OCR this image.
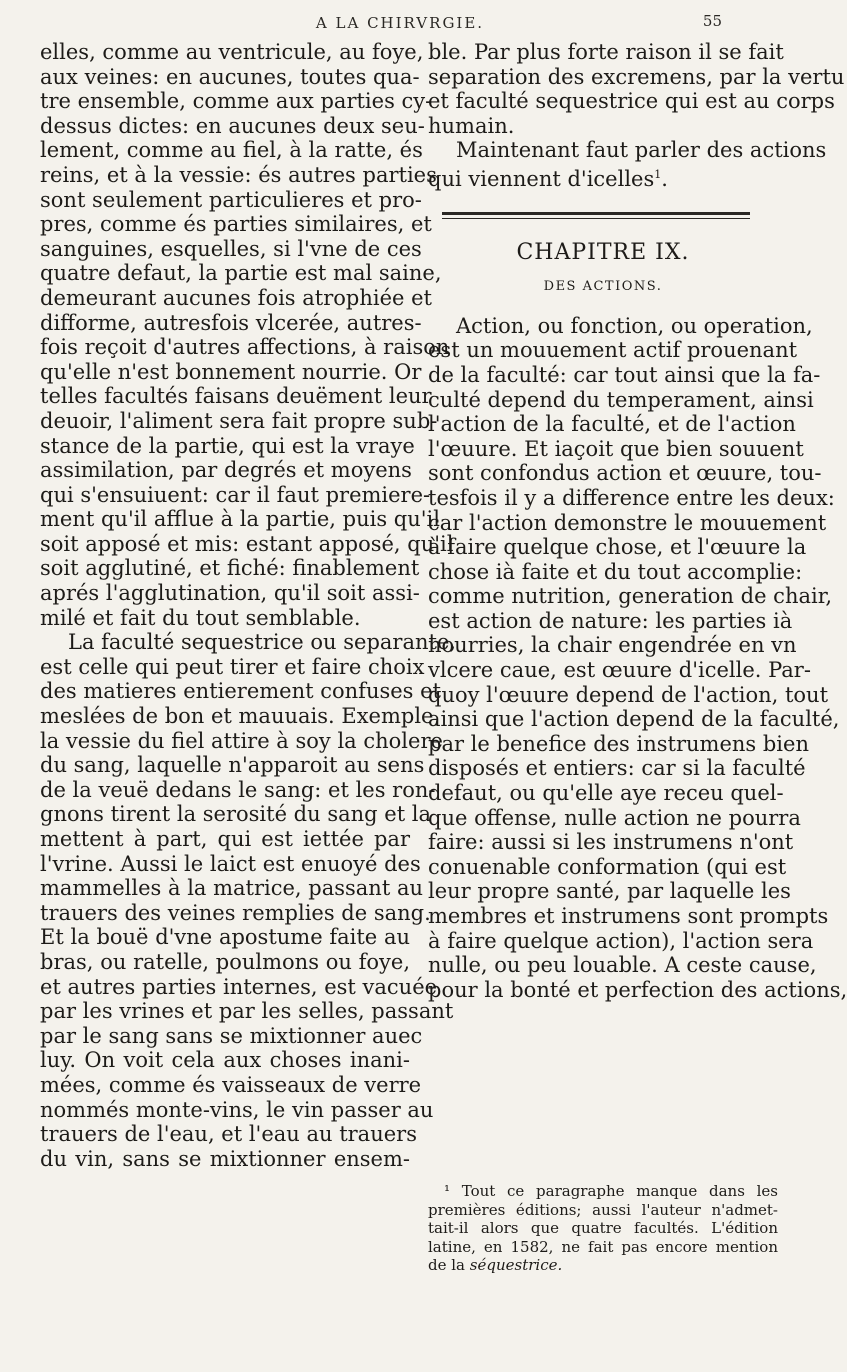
A LA CHIRVRGIE.	55

elles, comme au ventricule, au foye,

aux veines: en aucunes, toutes qua-

tre ensemble, comme aux parties cy-

dessus dictes: en aucunes deux seu-

lement, comme au fiel, à la ratte, és

reins, et à la vessie: és autres parties

sont seulement particulieres et pro-

pres, comme és parties similaires, et

sanguines, esquelles, si l'vne de ces

quatre defaut, la partie est mal saine,

demeurant aucunes fois atrophiée et

difforme, autresfois vlcerée, autres-

fois reçoit d'autres affections, à raison

qu'elle n'est bonnement nourrie. Or

telles facultés faisans deuëment leur

deuoir, l'aliment sera fait propre sub-

stance de la partie, qui est la vraye

assimilation, par degrés et moyens

qui s'ensuiuent: car il faut premiere-

ment qu'il afflue à la partie, puis qu'il

soit apposé et mis: estant apposé, qu'il

soit agglutiné, et fiché: finablement

aprés l'agglutination, qu'il soit assi-

milé et fait du tout semblable.

La faculté sequestrice ou separante,

est celle qui peut tirer et faire choix

des matieres entierement confuses et

meslées de bon et mauuais. Exemple,

la vessie du fiel attire à soy la cholere

du sang, laquelle n'apparoit au sens

de la veuë dedans le sang: et les ron-

gnons tirent la serosité du sang et la

mettent à part, qui est iettée par

l'vrine. Aussi le laict est enuoyé des

mammelles à la matrice, passant au

trauers des veines remplies de sang.

Et la bouë d'vne apostume faite au

bras, ou ratelle, poulmons ou foye,

et autres parties internes, est vacuée

par les vrines et par les selles, passant

par le sang sans se mixtionner auec

luy. On voit cela aux choses inani-

mées, comme és vaisseaux de verre

nommés monte-vins, le vin passer au

trauers de l'eau, et l'eau au trauers

du vin, sans se mixtionner ensem-

ble. Par plus forte raison il se fait

separation des excremens, par la vertu

et faculté sequestrice qui est au corps

humain.

Maintenant faut parler des actions

qui viennent d'icelles$^1$.

CHAPITRE IX.

DES ACTIONS.

Action, ou fonction, ou operation,

est un mouuement actif prouenant

de la faculté: car tout ainsi que la fa-

culté depend du temperament, ainsi

l'action de la faculté, et de l'action

l'œuure. Et iaçoit que bien souuent

sont confondus action et œuure, tou-

tesfois il y a difference entre les deux:

car l'action demonstre le mouuement

à faire quelque chose, et l'œuure la

chose ià faite et du tout accomplie:

comme nutrition, generation de chair,

est action de nature: les parties ià

nourries, la chair engendrée en vn

vlcere caue, est œuure d'icelle. Par-

quoy l'œuure depend de l'action, tout

ainsi que l'action depend de la faculté,

par le benefice des instrumens bien

disposés et entiers: car si la faculté

defaut, ou qu'elle aye receu quel-

que offense, nulle action ne pourra

faire: aussi si les instrumens n'ont

conuenable conformation (qui est

leur propre santé, par laquelle les

membres et instrumens sont prompts

à faire quelque action), l'action sera

nulle, ou peu louable. A ceste cause,

pour la bonté et perfection des actions,

¹ Tout ce paragraphe manque dans les

premières éditions; aussi l'auteur n'admet-

tait-il alors que quatre facultés. L'édition

latine, en 1582, ne fait pas encore mention

de la séquestrice.
